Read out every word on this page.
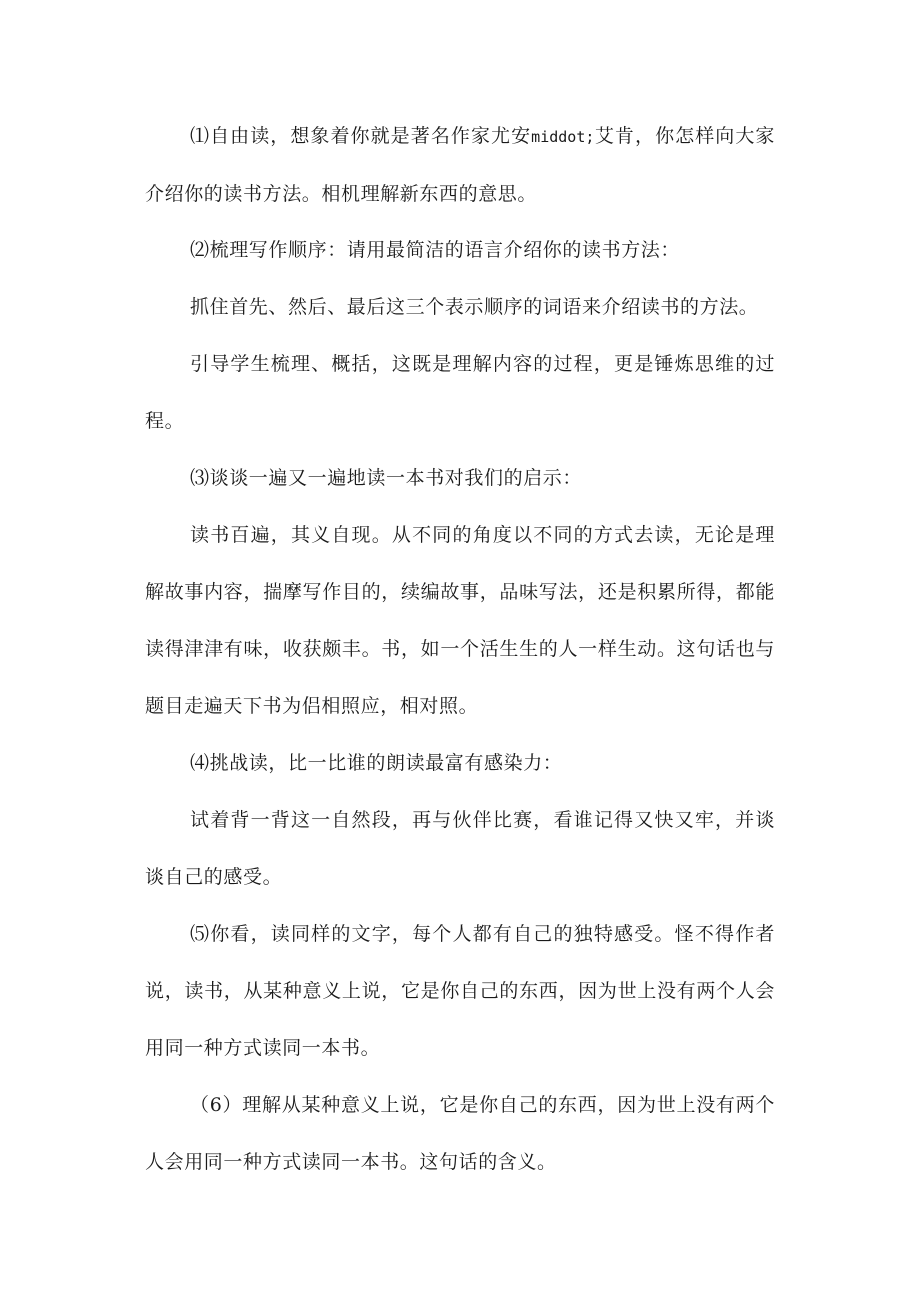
⑴自由读，想象着你就是著名作家尤安middot;艾肯，你怎样向大家介绍你的读书方法。相机理解新东西的意思。

⑵梳理写作顺序：请用最简洁的语言介绍你的读书方法：

抓住首先、然后、最后这三个表示顺序的词语来介绍读书的方法。

引导学生梳理、概括，这既是理解内容的过程，更是锤炼思维的过程。

⑶谈谈一遍又一遍地读一本书对我们的启示：

读书百遍，其义自现。从不同的角度以不同的方式去读，无论是理解故事内容，揣摩写作目的，续编故事，品味写法，还是积累所得，都能读得津津有味，收获颇丰。书，如一个活生生的人一样生动。这句话也与题目走遍天下书为侣相照应，相对照。

⑷挑战读，比一比谁的朗读最富有感染力：

试着背一背这一自然段，再与伙伴比赛，看谁记得又快又牢，并谈谈自己的感受。

⑸你看，读同样的文字，每个人都有自己的独特感受。怪不得作者说，读书，从某种意义上说，它是你自己的东西，因为世上没有两个人会用同一种方式读同一本书。

（6）理解从某种意义上说，它是你自己的东西，因为世上没有两个人会用同一种方式读同一本书。这句话的含义。
